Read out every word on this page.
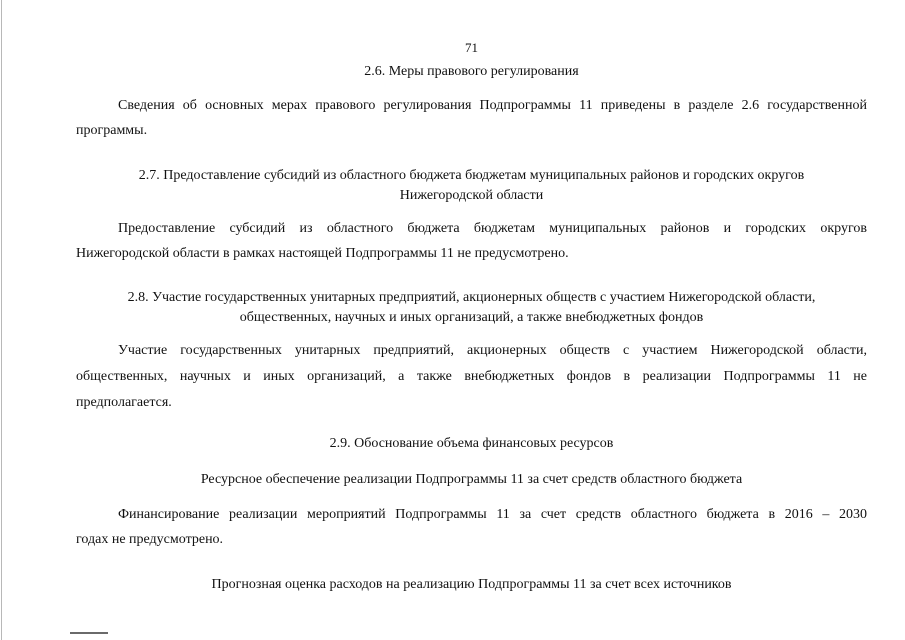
71
2.6. Меры правового регулирования
Сведения об основных мерах правового регулирования Подпрограммы 11 приведены в разделе 2.6 государственной
программы.
2.7. Предоставление субсидий из областного бюджета бюджетам муниципальных районов и городских округов
Нижегородской области
Предоставление субсидий из областного бюджета бюджетам муниципальных районов и городских округов
Нижегородской области в рамках настоящей Подпрограммы 11 не предусмотрено.
2.8. Участие государственных унитарных предприятий, акционерных обществ с участием Нижегородской области,
общественных, научных и иных организаций, а также внебюджетных фондов
Участие государственных унитарных предприятий, акционерных обществ с участием Нижегородской области,
общественных, научных и иных организаций, а также внебюджетных фондов в реализации Подпрограммы 11 не
предполагается.
2.9. Обоснование объема финансовых ресурсов
Ресурсное обеспечение реализации Подпрограммы 11 за счет средств областного бюджета
Финансирование реализации мероприятий Подпрограммы 11 за счет средств областного бюджета в 2016 – 2030
годах не предусмотрено.
Прогнозная оценка расходов на реализацию Подпрограммы 11 за счет всех источников
